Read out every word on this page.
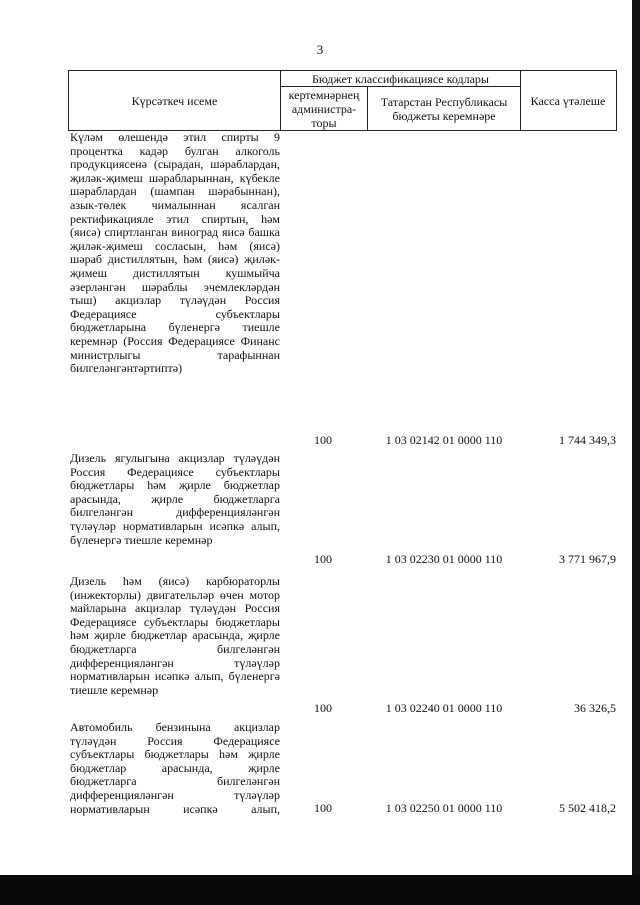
3
Күрсәткеч исеме
Бюджет классификациясе кодлары
кертемнәрнең администра-торы
Татарстан Республикасы бюджеты керемнәре
Касса үтәлеше
Күләм өлешендә этил спирты 9 процентка кадәр булган алкоголь продукциясенә (сырадан, шәраблардан, җиләк-җимеш шәрабларыннан, күбекле шәраблардан (шампан шәрабыннан), азык-төлек чималыннан ясалган ректификацияле этил спиртын, һәм (яисә) спиртланган виноград яисә башка җиләк-җимеш сосласын, һәм (яисә) шәраб дистиллятын, һәм (яисә) җиләк-җимеш дистиллятын кушмыйча әзерләнгән шәраблы эчемлекләрдән тыш) акцизлар түләүдән Россия Федерациясе субъектлары бюджетларына бүленергә тиешле керемнәр (Россия Федерациясе Финанс министрлыгы тарафыннан билгеләнгәнтәртиптә)
100	1 03 02142 01 0000 110	1 744 349,3
Дизель ягулыгына акцизлар түләүдән Россия Федерациясе субъектлары бюджетлары һәм җирле бюджетлар арасында, җирле бюджетларга билгеләнгән дифференцияләнгән түләүләр нормативларын исәпкә алып, бүленергә тиешле керемнәр
100	1 03 02230 01 0000 110	3 771 967,9
Дизель һәм (яисә) карбюраторлы (инжекторлы) двигательләр өчен мотор майларына акцизлар түләүдән Россия Федерациясе субъектлары бюджетлары һәм җирле бюджетлар арасында, җирле бюджетларга билгеләнгән дифференцияләнгән түләүләр нормативларын исәпкә алып, бүленергә тиешле керемнәр
100	1 03 02240 01 0000 110	36 326,5
Автомобиль бензинына акцизлар түләүдән Россия Федерациясе субъектлары бюджетлары һәм җирле бюджетлар арасында, җирле бюджетларга билгеләнгән дифференцияләнгән түләүләр нормативларын исәпкә алып,	100	1 03 02250 01 0000 110	5 502 418,2
